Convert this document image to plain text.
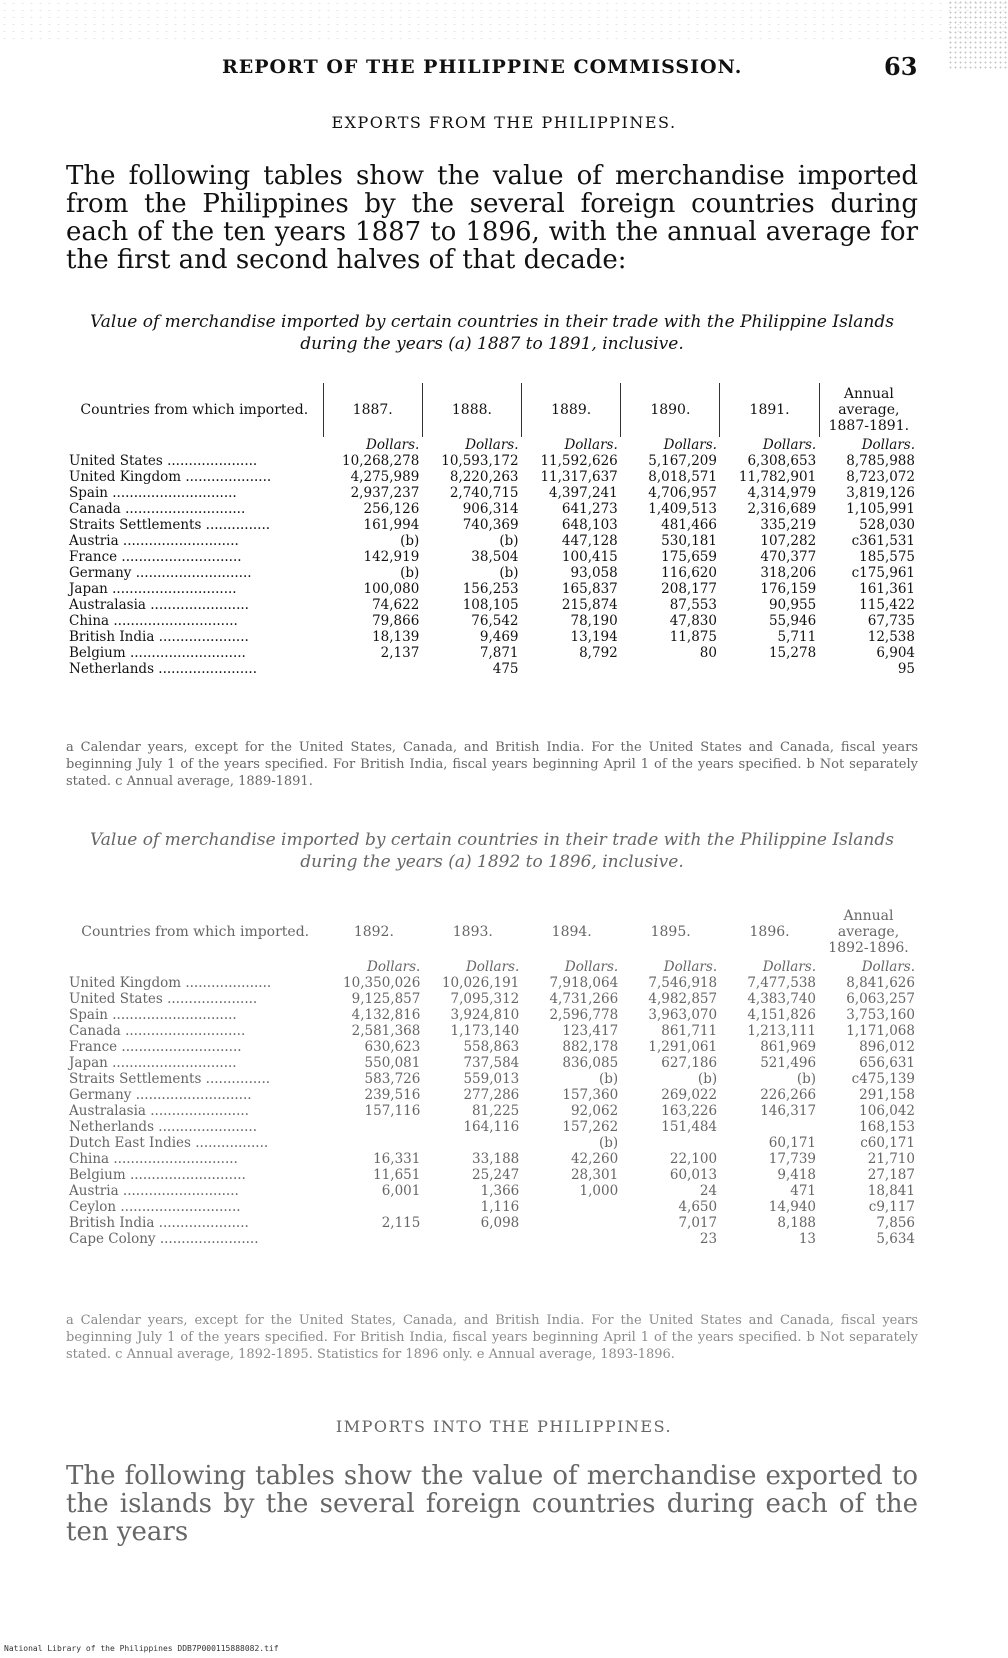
REPORT OF THE PHILIPPINE COMMISSION.	63
EXPORTS FROM THE PHILIPPINES.
The following tables show the value of merchandise imported from the Philippines by the several foreign countries during each of the ten years 1887 to 1896, with the annual average for the first and second halves of that decade:
Value of merchandise imported by certain countries in their trade with the Philippine Islands
during the years (a) 1887 to 1891, inclusive.
Countries from which imported.	1887.	1888.	1889.	1890.	1891.	Annual average, 1887-1891.
	Dollars.	Dollars.	Dollars.	Dollars.	Dollars.	Dollars.
United States .....................	10,268,278	10,593,172	11,592,626	5,167,209	6,308,653	8,785,988
United Kingdom ....................	4,275,989	8,220,263	11,317,637	8,018,571	11,782,901	8,723,072
Spain .............................	2,937,237	2,740,715	4,397,241	4,706,957	4,314,979	3,819,126
Canada ............................	256,126	906,314	641,273	1,409,513	2,316,689	1,105,991
Straits Settlements ...............	161,994	740,369	648,103	481,466	335,219	528,030
Austria ...........................	(b)	(b)	447,128	530,181	107,282	c361,531
France ............................	142,919	38,504	100,415	175,659	470,377	185,575
Germany ...........................	(b)	(b)	93,058	116,620	318,206	c175,961
Japan .............................	100,080	156,253	165,837	208,177	176,159	161,361
Australasia .......................	74,622	108,105	215,874	87,553	90,955	115,422
China .............................	79,866	76,542	78,190	47,830	55,946	67,735
British India .....................	18,139	9,469	13,194	11,875	5,711	12,538
Belgium ...........................	2,137	7,871	8,792	80	15,278	6,904
Netherlands .......................		475				95
a Calendar years, except for the United States, Canada, and British India. For the United States and Canada, fiscal years beginning July 1 of the years specified. For British India, fiscal years beginning April 1 of the years specified. b Not separately stated. c Annual average, 1889-1891.
Value of merchandise imported by certain countries in their trade with the Philippine Islands
during the years (a) 1892 to 1896, inclusive.
Countries from which imported.	1892.	1893.	1894.	1895.	1896.	Annual average, 1892-1896.
	Dollars.	Dollars.	Dollars.	Dollars.	Dollars.	Dollars.
United Kingdom ....................	10,350,026	10,026,191	7,918,064	7,546,918	7,477,538	8,841,626
United States .....................	9,125,857	7,095,312	4,731,266	4,982,857	4,383,740	6,063,257
Spain .............................	4,132,816	3,924,810	2,596,778	3,963,070	4,151,826	3,753,160
Canada ............................	2,581,368	1,173,140	123,417	861,711	1,213,111	1,171,068
France ............................	630,623	558,863	882,178	1,291,061	861,969	896,012
Japan .............................	550,081	737,584	836,085	627,186	521,496	656,631
Straits Settlements ...............	583,726	559,013	(b)	(b)	(b)	c475,139
Germany ...........................	239,516	277,286	157,360	269,022	226,266	291,158
Australasia .......................	157,116	81,225	92,062	163,226	146,317	106,042
Netherlands .......................		164,116	157,262	151,484		168,153
Dutch East Indies .................			(b)		60,171	c60,171
China .............................	16,331	33,188	42,260	22,100	17,739	21,710
Belgium ...........................	11,651	25,247	28,301	60,013	9,418	27,187
Austria ...........................	6,001	1,366	1,000	24	471	18,841
Ceylon ............................		1,116		4,650	14,940	c9,117
British India .....................	2,115	6,098		7,017	8,188	7,856
Cape Colony .......................				23	13	5,634
a Calendar years, except for the United States, Canada, and British India. For the United States and Canada, fiscal years beginning July 1 of the years specified. For British India, fiscal years beginning April 1 of the years specified. b Not separately stated. c Annual average, 1892-1895. Statistics for 1896 only. e Annual average, 1893-1896.
IMPORTS INTO THE PHILIPPINES.
The following tables show the value of merchandise exported to the islands by the several foreign countries during each of the ten years
National Library of the Philippines DDB7P000115888082.tif
